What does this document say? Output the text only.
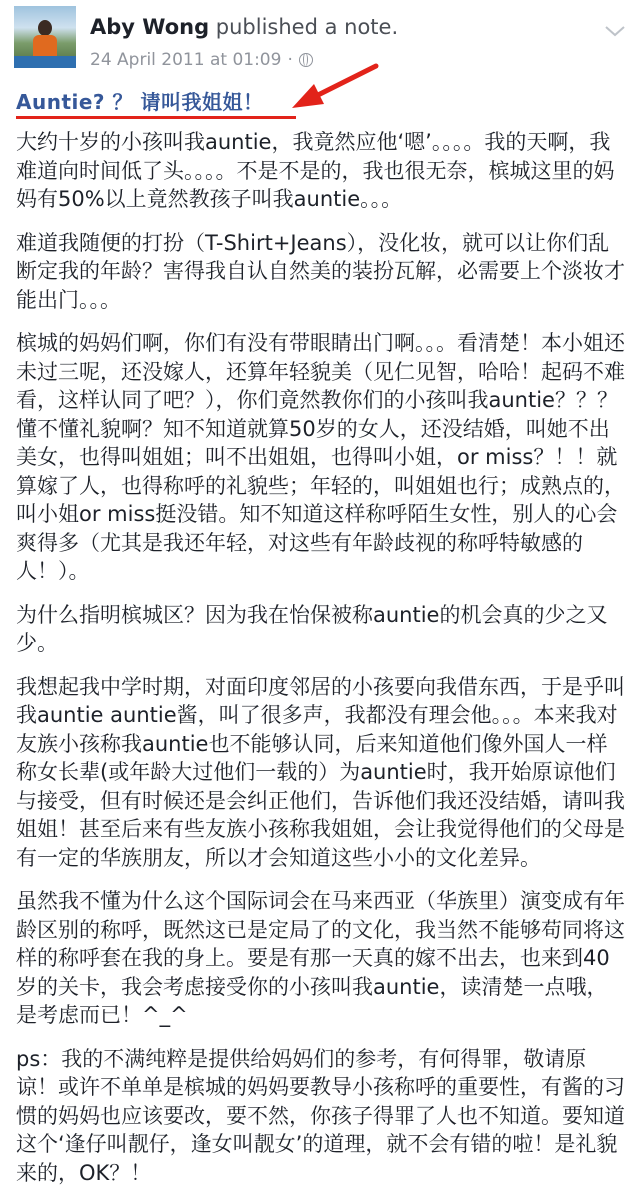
Aby Wong published a note.
24 April 2011 at 01:09 ·
Auntie? ？ 请叫我姐姐！

大约十岁的小孩叫我auntie，我竟然应他‘嗯’。。。。我的天啊，我难道向时间低了头。。。。不是不是的，我也很无奈，槟城这里的妈妈有50%以上竟然教孩子叫我auntie。。。

难道我随便的打扮（T-Shirt+Jeans），没化妆，就可以让你们乱断定我的年龄？害得我自认自然美的装扮瓦解，必需要上个淡妆才能出门。。。

槟城的妈妈们啊，你们有没有带眼睛出门啊。。。看清楚！本小姐还未过三呢，还没嫁人，还算年轻貌美（见仁见智，哈哈！起码不难看，这样认同了吧？），你们竟然教你们的小孩叫我auntie？？？ 懂不懂礼貌啊？知不知道就算50岁的女人，还没结婚，叫她不出美女，也得叫姐姐；叫不出姐姐，也得叫小姐，or miss？！！就算嫁了人，也得称呼的礼貌些；年轻的，叫姐姐也行；成熟点的，叫小姐or miss挺没错。知不知道这样称呼陌生女性，别人的心会爽得多（尤其是我还年轻，对这些有年龄歧视的称呼特敏感的人！）。

为什么指明槟城区？因为我在怡保被称auntie的机会真的少之又少。

我想起我中学时期，对面印度邻居的小孩要向我借东西，于是乎叫我auntie auntie酱，叫了很多声，我都没有理会他。。。本来我对友族小孩称我auntie也不能够认同，后来知道他们像外国人一样称女长辈(或年龄大过他们一载的）为auntie时，我开始原谅他们与接受，但有时候还是会纠正他们，告诉他们我还没结婚，请叫我姐姐！甚至后来有些友族小孩称我姐姐，会让我觉得他们的父母是有一定的华族朋友，所以才会知道这些小小的文化差异。

虽然我不懂为什么这个国际词会在马来西亚（华族里）演变成有年龄区别的称呼，既然这已是定局了的文化，我当然不能够苟同将这样的称呼套在我的身上。要是有那一天真的嫁不出去，也来到40岁的关卡，我会考虑接受你的小孩叫我auntie，读清楚一点哦，是考虑而已！^_^

ps：我的不满纯粹是提供给妈妈们的参考，有何得罪，敬请原谅！或许不单单是槟城的妈妈要教导小孩称呼的重要性，有酱的习惯的妈妈也应该要改，要不然，你孩子得罪了人也不知道。要知道这个‘逢仔叫靓仔，逢女叫靓女’的道理，就不会有错的啦！是礼貌来的，OK？！
